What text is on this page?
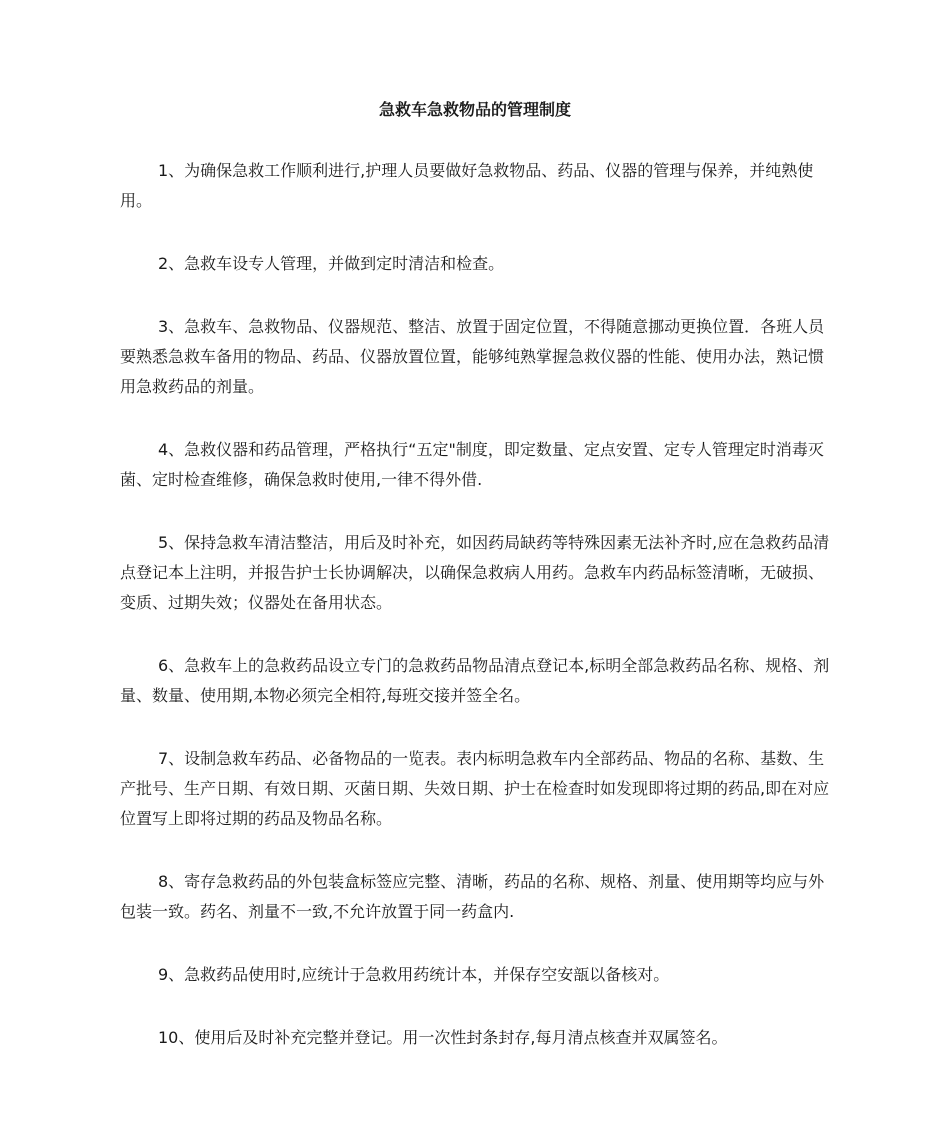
急救车急救物品的管理制度

1、为确保急救工作顺利进行,护理人员要做好急救物品、药品、仪器的管理与保养，并纯熟使用。

2、急救车设专人管理，并做到定时清洁和检查。

3、急救车、急救物品、仪器规范、整洁、放置于固定位置，不得随意挪动更换位置．各班人员要熟悉急救车备用的物品、药品、仪器放置位置，能够纯熟掌握急救仪器的性能、使用办法，熟记惯用急救药品的剂量。

4、急救仪器和药品管理，严格执行“五定"制度，即定数量、定点安置、定专人管理定时消毒灭菌、定时检查维修，确保急救时使用,一律不得外借.

5、保持急救车清洁整洁，用后及时补充，如因药局缺药等特殊因素无法补齐时,应在急救药品清点登记本上注明，并报告护士长协调解决，以确保急救病人用药。急救车内药品标签清晰，无破损、变质、过期失效；仪器处在备用状态。

6、急救车上的急救药品设立专门的急救药品物品清点登记本,标明全部急救药品名称、规格、剂量、数量、使用期,本物必须完全相符,每班交接并签全名。

7、设制急救车药品、必备物品的一览表。表内标明急救车内全部药品、物品的名称、基数、生产批号、生产日期、有效日期、灭菌日期、失效日期、护士在检查时如发现即将过期的药品,即在对应位置写上即将过期的药品及物品名称。

8、寄存急救药品的外包装盒标签应完整、清晰，药品的名称、规格、剂量、使用期等均应与外包装一致。药名、剂量不一致,不允许放置于同一药盒内.

9、急救药品使用时,应统计于急救用药统计本，并保存空安瓿以备核对。

10、使用后及时补充完整并登记。用一次性封条封存,每月清点核查并双属签名。
